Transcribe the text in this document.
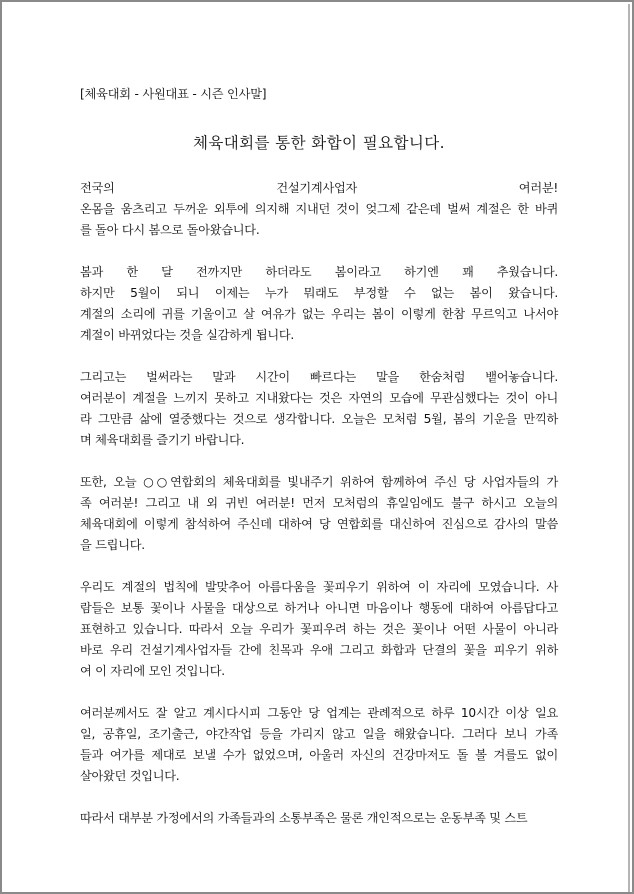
[체육대회 - 사원대표 - 시즌 인사말]
체육대회를 통한 화합이 필요합니다.
전국의 건설기계사업자 여러분!
온몸을 움츠리고 두꺼운 외투에 의지해 지내던 것이 엊그제 같은데 벌써 계절은 한 바퀴
를 돌아 다시 봄으로 돌아왔습니다.
봄과 한 달 전까지만 하더라도 봄이라고 하기엔 꽤 추웠습니다.
하지만 5월이 되니 이제는 누가 뭐래도 부정할 수 없는 봄이 왔습니다.
계절의 소리에 귀를 기울이고 살 여유가 없는 우리는 봄이 이렇게 한참 무르익고 나서야
계절이 바뀌었다는 것을 실감하게 됩니다.
그리고는 벌써라는 말과 시간이 빠르다는 말을 한숨처럼 뱉어놓습니다.
여러분이 계절을 느끼지 못하고 지내왔다는 것은 자연의 모습에 무관심했다는 것이 아니
라 그만큼 삶에 열중했다는 것으로 생각합니다. 오늘은 모처럼 5월, 봄의 기운을 만끽하
며 체육대회를 즐기기 바랍니다.
또한, 오늘 ○○연합회의 체육대회를 빛내주기 위하여 함께하여 주신 당 사업자들의 가
족 여러분! 그리고 내 외 귀빈 여러분! 먼저 모처럼의 휴일임에도 불구 하시고 오늘의
체육대회에 이렇게 참석하여 주신데 대하여 당 연합회를 대신하여 진심으로 감사의 말씀
을 드립니다.
우리도 계절의 법칙에 발맞추어 아름다움을 꽃피우기 위하여 이 자리에 모였습니다. 사
람들은 보통 꽃이나 사물을 대상으로 하거나 아니면 마음이나 행동에 대하여 아름답다고
표현하고 있습니다. 따라서 오늘 우리가 꽃피우려 하는 것은 꽃이나 어떤 사물이 아니라
바로 우리 건설기계사업자들 간에 친목과 우애 그리고 화합과 단결의 꽃을 피우기 위하
여 이 자리에 모인 것입니다.
여러분께서도 잘 알고 계시다시피 그동안 당 업계는 관례적으로 하루 10시간 이상 일요
일, 공휴일, 조기출근, 야간작업 등을 가리지 않고 일을 해왔습니다. 그러다 보니 가족
들과 여가를 제대로 보낼 수가 없었으며, 아울러 자신의 건강마저도 돌 볼 겨를도 없이
살아왔던 것입니다.
따라서 대부분 가정에서의 가족들과의 소통부족은 물론 개인적으로는 운동부족 및 스트
